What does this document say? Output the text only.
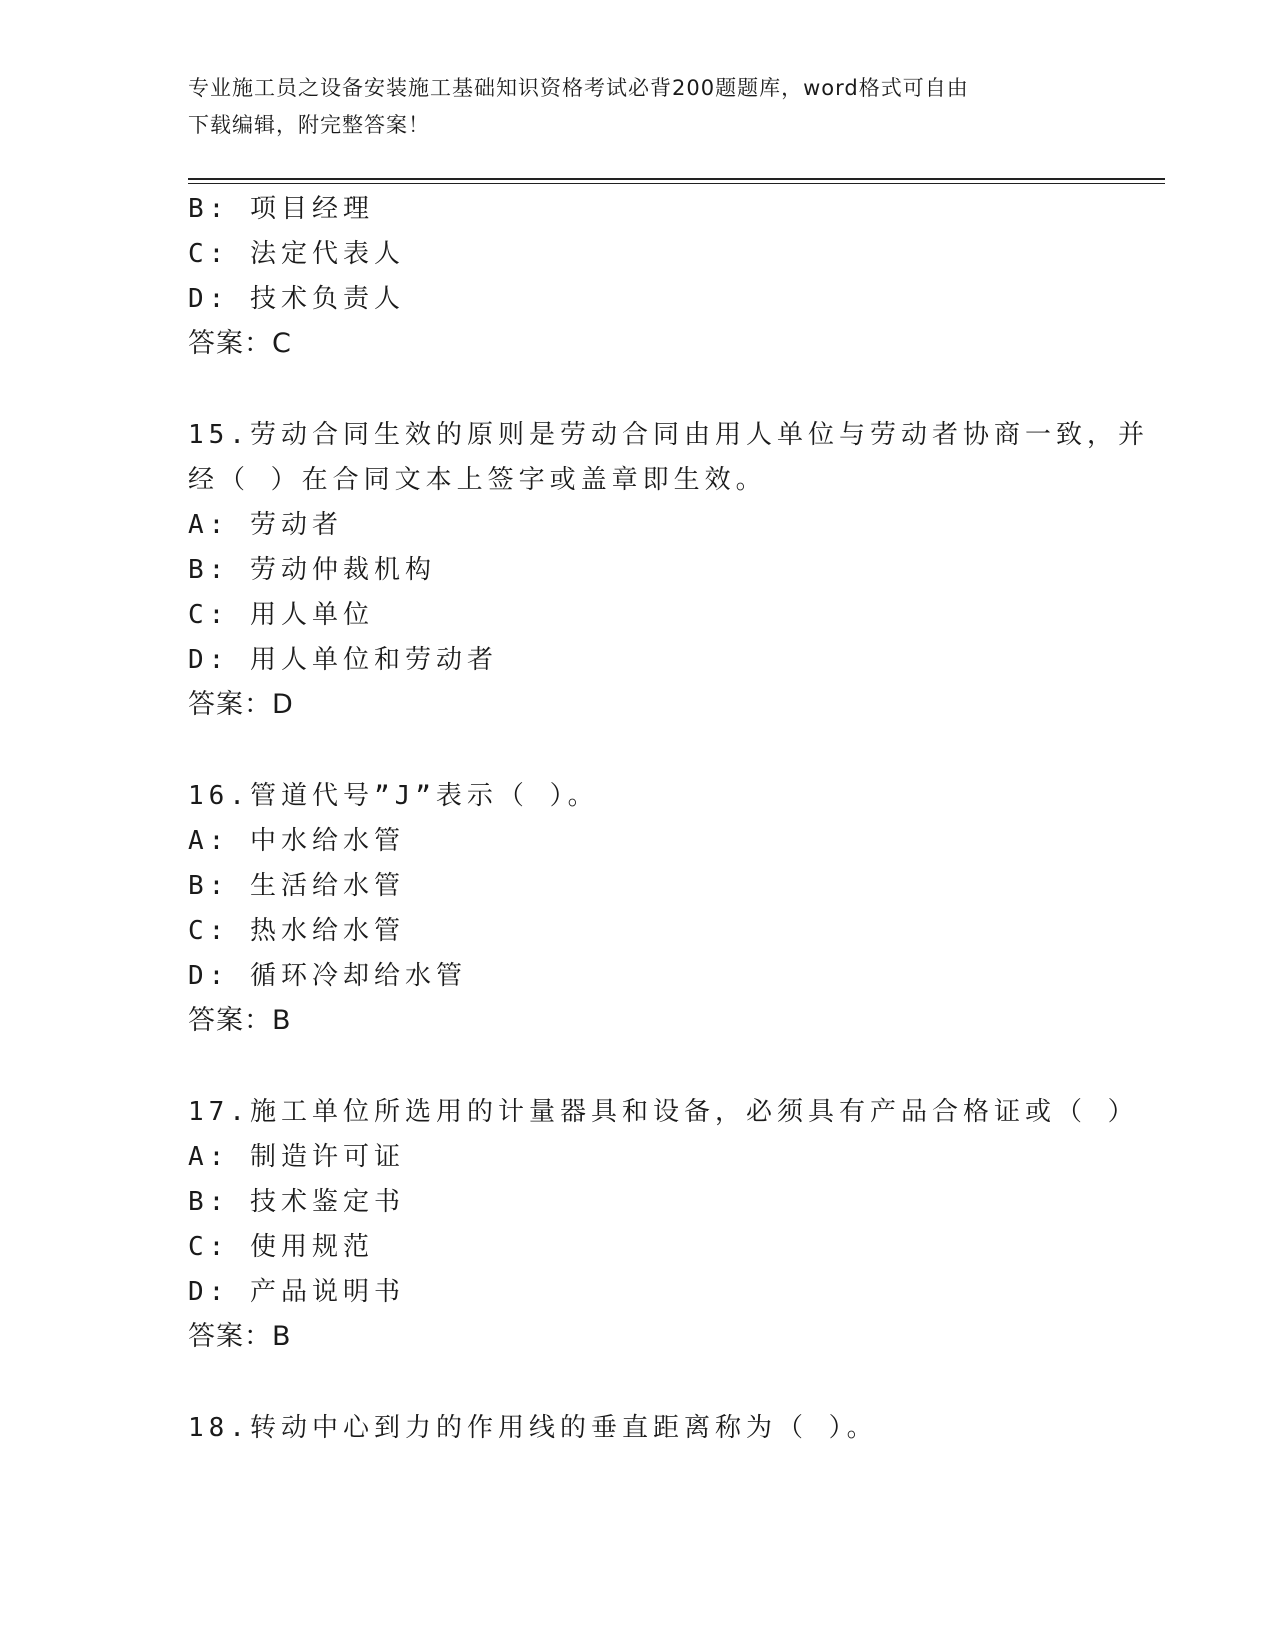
专业施工员之设备安装施工基础知识资格考试必背200题题库，word格式可自由
下载编辑，附完整答案！
B: 项目经理
C: 法定代表人
D: 技术负责人
答案：C
15.劳动合同生效的原则是劳动合同由用人单位与劳动者协商一致，并
经（ ）在合同文本上签字或盖章即生效。
A: 劳动者
B: 劳动仲裁机构
C: 用人单位
D: 用人单位和劳动者
答案：D
16.管道代号”J”表示（ ）。
A: 中水给水管
B: 生活给水管
C: 热水给水管
D: 循环冷却给水管
答案：B
17.施工单位所选用的计量器具和设备，必须具有产品合格证或（ ）
A: 制造许可证
B: 技术鉴定书
C: 使用规范
D: 产品说明书
答案：B
18.转动中心到力的作用线的垂直距离称为（ ）。
